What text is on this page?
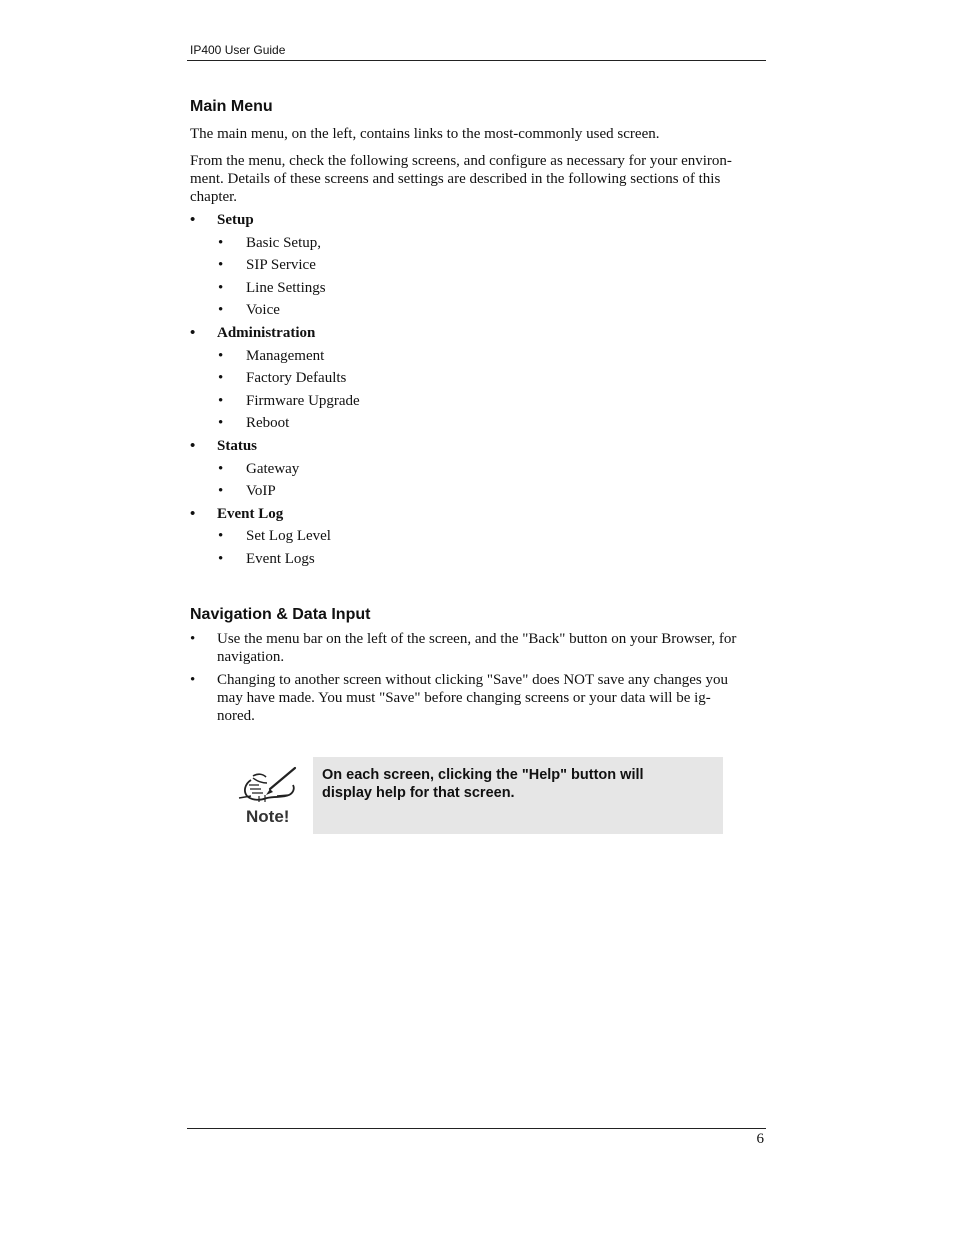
IP400 User Guide
Main Menu

The main menu, on the left, contains links to the most-commonly used screen.

From the menu, check the following screens, and configure as necessary for your environ-
ment. Details of these screens and settings are described in the following sections of this
chapter.

• Setup
• Basic Setup,
• SIP Service
• Line Settings
• Voice
• Administration
• Management
• Factory Defaults
• Firmware Upgrade
• Reboot
• Status
• Gateway
• VoIP
• Event Log
• Set Log Level
• Event Logs
Navigation & Data Input
• Use the menu bar on the left of the screen, and the "Back" button on your Browser, for
navigation.
• Changing to another screen without clicking "Save" does NOT save any changes you
may have made. You must "Save" before changing screens or your data will be ig-
nored.
Note!
On each screen, clicking the "Help" button will
display help for that screen.
6
